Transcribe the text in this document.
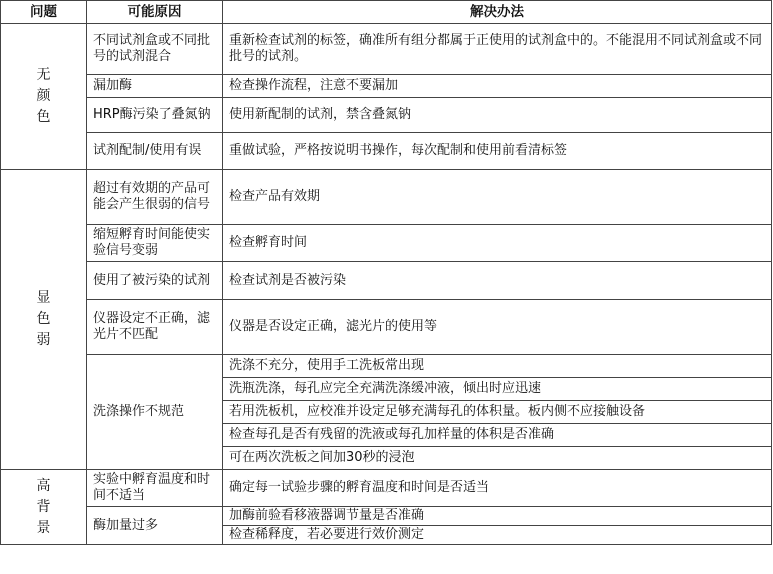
问题	可能原因	解决办法
无
颜
色	不同试剂盒或不同批号的试剂混合	重新检查试剂的标签，确准所有组分都属于正使用的试剂盒中的。不能混用不同试剂盒或不同批号的试剂。
	漏加酶	检查操作流程，注意不要漏加
	HRP酶污染了叠氮钠	使用新配制的试剂，禁含叠氮钠
	试剂配制/使用有误	重做试验，严格按说明书操作，每次配制和使用前看清标签
显
色
弱	超过有效期的产品可能会产生很弱的信号	检查产品有效期
	缩短孵育时间能使实验信号变弱	检查孵育时间
	使用了被污染的试剂	检查试剂是否被污染
	仪器设定不正确，滤光片不匹配	仪器是否设定正确，滤光片的使用等
	洗涤操作不规范	洗涤不充分，使用手工洗板常出现
		洗瓶洗涤，每孔应完全充满洗涤缓冲液，倾出时应迅速
		若用洗板机，应校准并设定足够充满每孔的体积量。板内侧不应接触设备
		检查每孔是否有残留的洗液或每孔加样量的体积是否准确
		可在两次洗板之间加30秒的浸泡
高
背
景	实验中孵育温度和时间不适当	确定每一试验步骤的孵育温度和时间是否适当
	酶加量过多	加酶前验看移液器调节量是否准确
		检查稀释度，若必要进行效价测定
